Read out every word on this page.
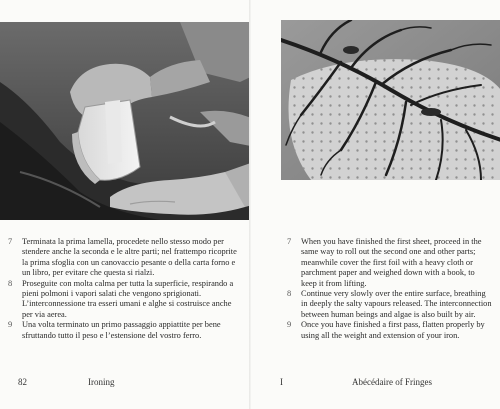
7	Terminata la prima lamella, procedete nello stesso modo per stendere anche la seconda e le altre parti; nel frattempo ricoprite la prima sfoglia con un canovaccio pesante o della carta forno e un libro, per evitare che questa si rialzi.
8	Proseguite con molta calma per tutta la superficie, respirando a pieni polmoni i vapori salati che vengono sprigionati. L’interconnessione tra esseri umani e alghe si costruisce anche per via aerea.
9	Una volta terminato un primo passaggio appiattite per bene sfruttando tutto il peso e l’estensione del vostro ferro.
82	Ironing
7	When you have finished the first sheet, proceed in the same way to roll out the second one and other parts; meanwhile cover the first foil with a heavy cloth or parchment paper and weighed down with a book, to keep it from lifting.
8	Continue very slowly over the entire surface, breathing in deeply the salty vapours released. The interconnection between human beings and algae is also built by air.
9	Once you have finished a first pass, flatten properly by using all the weight and extension of your iron.
I	Abécédaire of Fringes
